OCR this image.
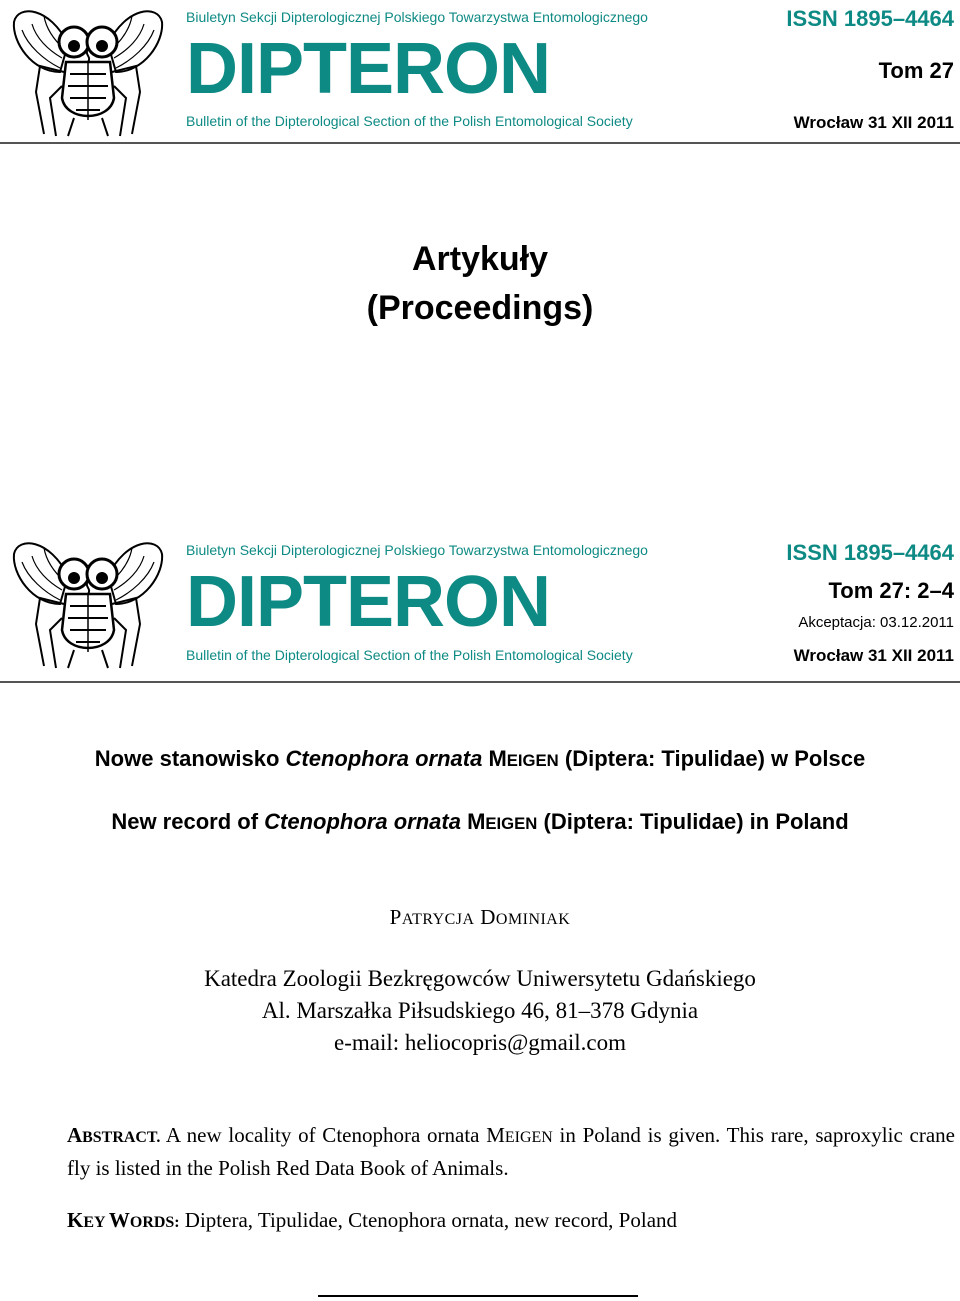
Biuletyn Sekcji Dipterologicznej Polskiego Towarzystwa Entomologicznego
DIPTERON
Bulletin of the Dipterological Section of the Polish Entomological Society
ISSN 1895–4464
Tom 27
Wrocław 31 XII 2011
Artykuły
(Proceedings)
Biuletyn Sekcji Dipterologicznej Polskiego Towarzystwa Entomologicznego
DIPTERON
Bulletin of the Dipterological Section of the Polish Entomological Society
ISSN 1895–4464
Tom 27: 2–4
Akceptacja: 03.12.2011
Wrocław 31 XII 2011
Nowe stanowisko Ctenophora ornata MEIGEN (Diptera: Tipulidae) w Polsce
New record of Ctenophora ornata MEIGEN (Diptera: Tipulidae) in Poland
PATRYCJA DOMINIAK
Katedra Zoologii Bezkręgowców Uniwersytetu Gdańskiego
Al. Marszałka Piłsudskiego 46, 81–378 Gdynia
e-mail: heliocopris@gmail.com
ABSTRACT. A new locality of Ctenophora ornata MEIGEN in Poland is given. This rare, saproxylic crane fly is listed in the Polish Red Data Book of Animals.
KEY WORDS: Diptera, Tipulidae, Ctenophora ornata, new record, Poland
